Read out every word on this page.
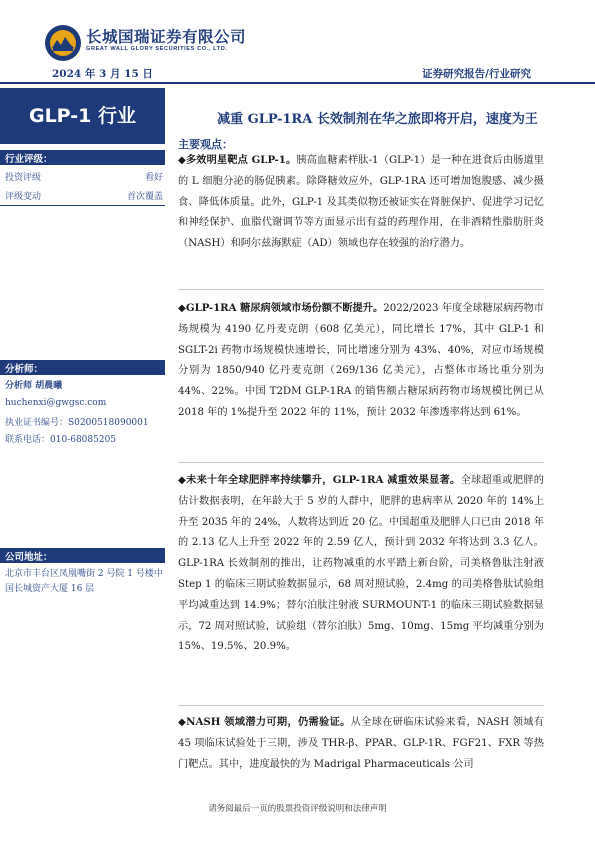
长城国瑞证券有限公司
GREAT WALL GLORY SECURITIES CO., LTD.
2024 年 3 月 15 日	证券研究报告/行业研究
GLP-1 行业
行业评级：
投资评级	看好
评级变动	首次覆盖
分析师：
分析师 胡晨曦
huchenxi@gwgsc.com
执业证书编号：S0200518090001
联系电话：010-68085205
公司地址：
北京市丰台区凤凰嘴街 2 号院 1 号楼中国长城资产大厦 16 层
减重 GLP-1RA 长效制剂在华之旅即将开启，速度为王
主要观点：
◆多效明星靶点 GLP-1。胰高血糖素样肽-1（GLP-1）是一种在进食后由肠道里的 L 细胞分泌的肠促胰素。除降糖效应外，GLP-1RA 还可增加饱腹感、减少摄食、降低体质量。此外，GLP-1 及其类似物还被证实在肾脏保护、促进学习记忆和神经保护、血脂代谢调节等方面显示出有益的药理作用，在非酒精性脂肪肝炎（NASH）和阿尔兹海默症（AD）领域也存在较强的治疗潜力。
◆GLP-1RA 糖尿病领域市场份额不断提升。2022/2023 年度全球糖尿病药物市场规模为 4190 亿丹麦克朗（608 亿美元），同比增长 17%，其中 GLP-1 和 SGLT-2i 药物市场规模快速增长，同比增速分别为 43%、40%，对应市场规模分别为 1850/940 亿丹麦克朗（269/136 亿美元），占整体市场比重分别为 44%、22%。中国 T2DM GLP-1RA 的销售额占糖尿病药物市场规模比例已从 2018 年的 1%提升至 2022 年的 11%，预计 2032 年渗透率将达到 61%。
◆未来十年全球肥胖率持续攀升，GLP-1RA 减重效果显著。全球超重或肥胖的估计数据表明，在年龄大于 5 岁的人群中，肥胖的患病率从 2020 年的 14%上升至 2035 年的 24%，人数将达到近 20 亿。中国超重及肥胖人口已由 2018 年的 2.13 亿人上升至 2022 年的 2.59 亿人，预计到 2032 年将达到 3.3 亿人。GLP-1RA 长效制剂的推出，让药物减重的水平踏上新台阶，司美格鲁肽注射液 Step 1 的临床三期试验数据显示，68 周对照试验，2.4mg 的司美格鲁肽试验组平均减重达到 14.9%；替尔泊肽注射液 SURMOUNT-1 的临床三期试验数据显示，72 周对照试验，试验组（替尔泊肽）5mg、10mg、15mg 平均减重分别为 15%、19.5%、20.9%。
◆NASH 领域潜力可期，仍需验证。从全球在研临床试验来看，NASH 领域有 45 项临床试验处于三期，涉及 THR-β、PPAR、GLP-1R、FGF21、FXR 等热门靶点。其中，进度最快的为 Madrigal Pharmaceuticals 公司
请务阅最后一页的股票投资评级说明和法律声明
